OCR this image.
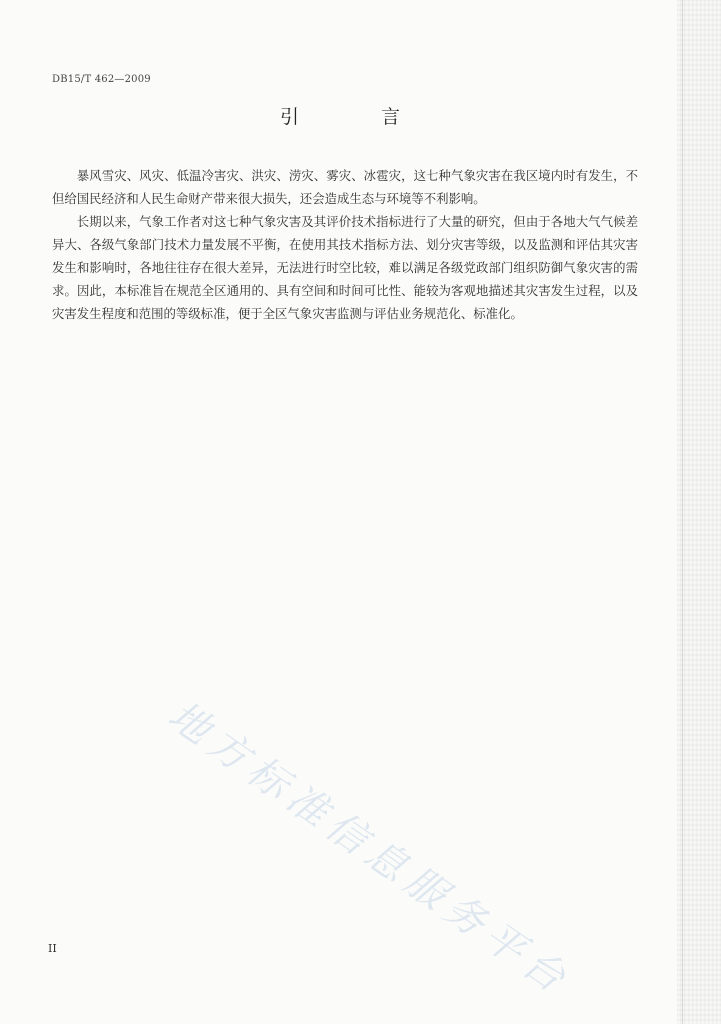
DB15/T 462—2009
引 言

暴风雪灾、风灾、低温冷害灾、洪灾、涝灾、雾灾、冰雹灾，这七种气象灾害在我区境内时有发生，不但给国民经济和人民生命财产带来很大损失，还会造成生态与环境等不利影响。

长期以来，气象工作者对这七种气象灾害及其评价技术指标进行了大量的研究，但由于各地大气气候差异大、各级气象部门技术力量发展不平衡，在使用其技术指标方法、划分灾害等级，以及监测和评估其灾害发生和影响时，各地往往存在很大差异，无法进行时空比较，难以满足各级党政部门组织防御气象灾害的需求。因此，本标准旨在规范全区通用的、具有空间和时间可比性、能较为客观地描述其灾害发生过程，以及灾害发生程度和范围的等级标准，便于全区气象灾害监测与评估业务规范化、标准化。

地方标准信息服务平台
II
